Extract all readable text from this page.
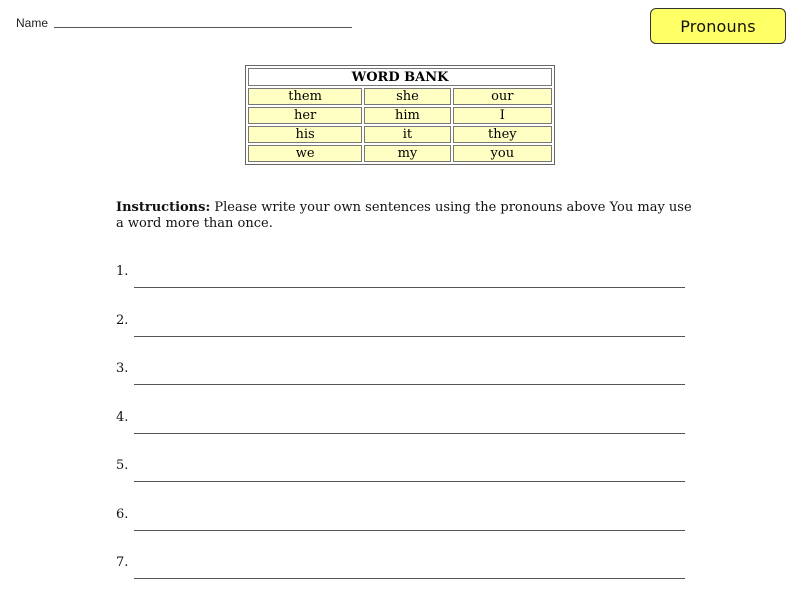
Name	Pronouns
WORD BANK		
them	she	our
her	him	I
his	it	they
we	my	you
Instructions: Please write your own sentences using the pronouns above You may use a word more than once.
1.
2.
3.
4.
5.
6.
7.
